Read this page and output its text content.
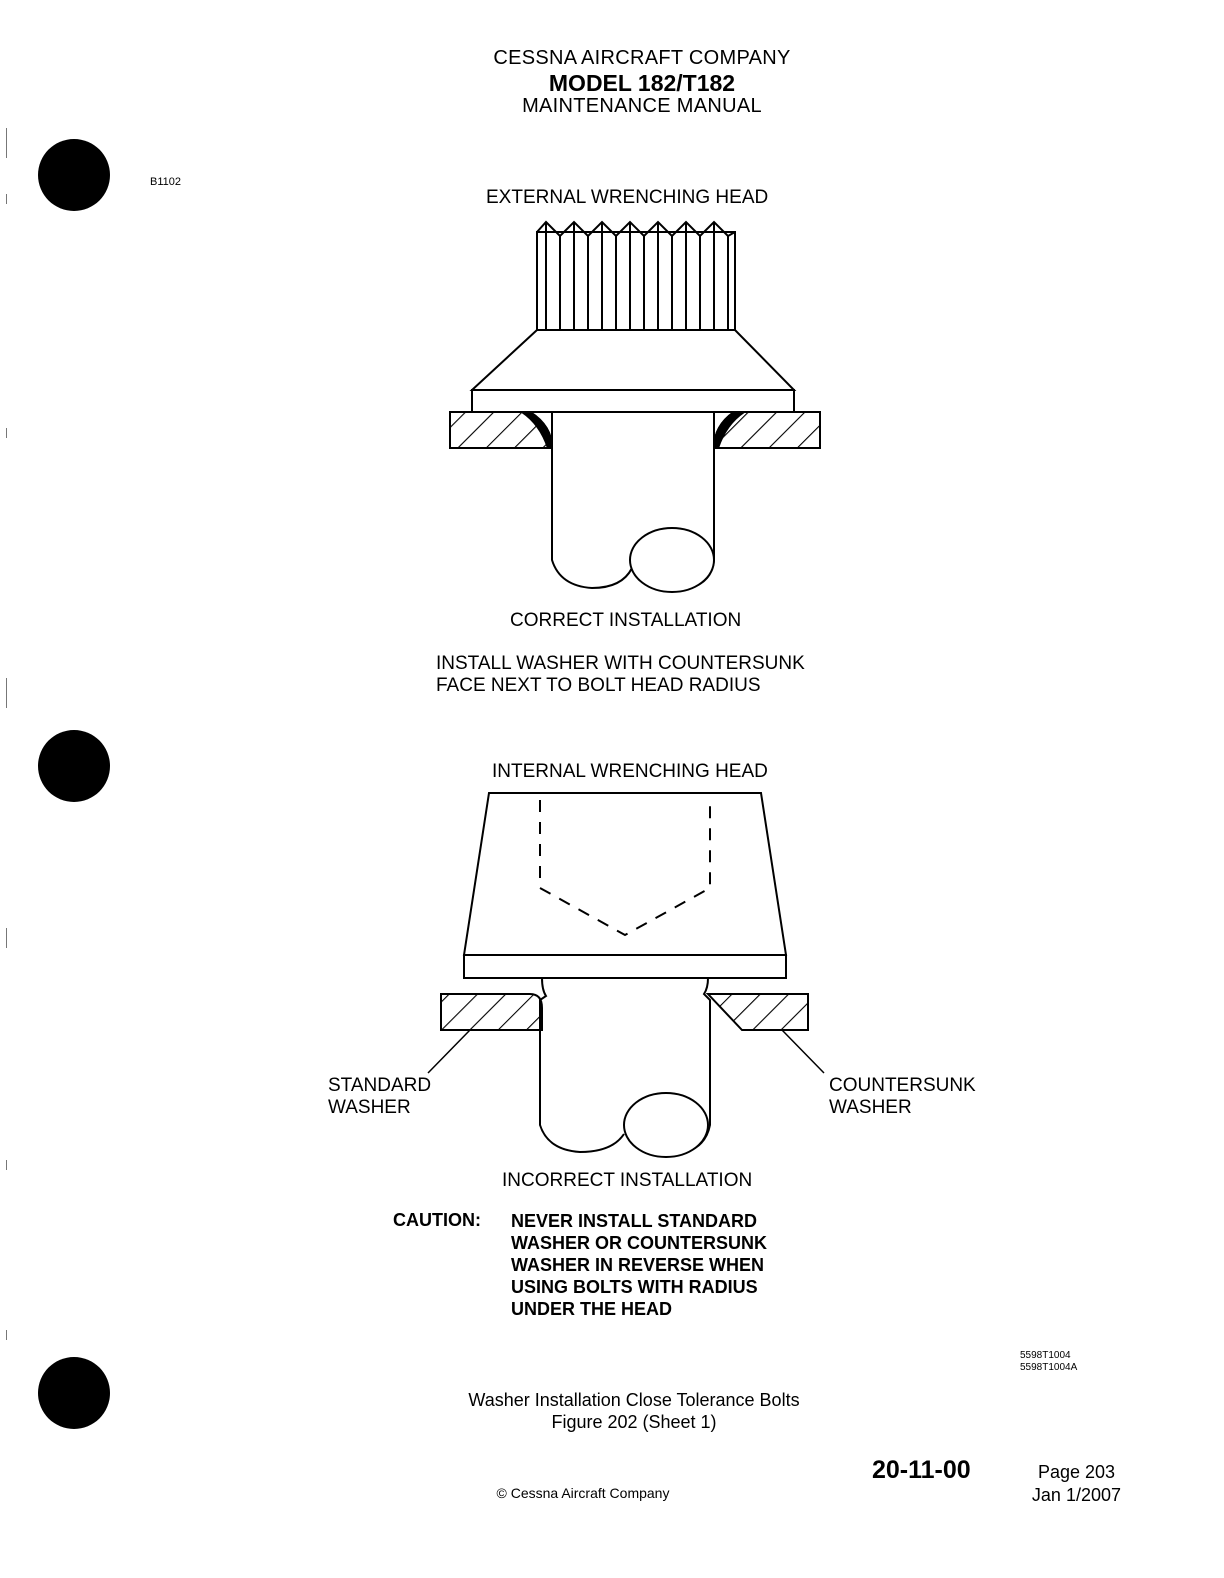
CESSNA AIRCRAFT COMPANY
MODEL 182/T182
MAINTENANCE MANUAL
B1102
EXTERNAL WRENCHING HEAD
CORRECT INSTALLATION
INSTALL WASHER WITH COUNTERSUNK
FACE NEXT TO BOLT HEAD RADIUS
INTERNAL WRENCHING HEAD
STANDARD
WASHER
COUNTERSUNK
WASHER
INCORRECT INSTALLATION
CAUTION: NEVER INSTALL STANDARD
WASHER OR COUNTERSUNK
WASHER IN REVERSE WHEN
USING BOLTS WITH RADIUS
UNDER THE HEAD
5598T1004
5598T1004A
Washer Installation Close Tolerance Bolts
Figure 202 (Sheet 1)
© Cessna Aircraft Company
20-11-00	Page 203
Jan 1/2007
